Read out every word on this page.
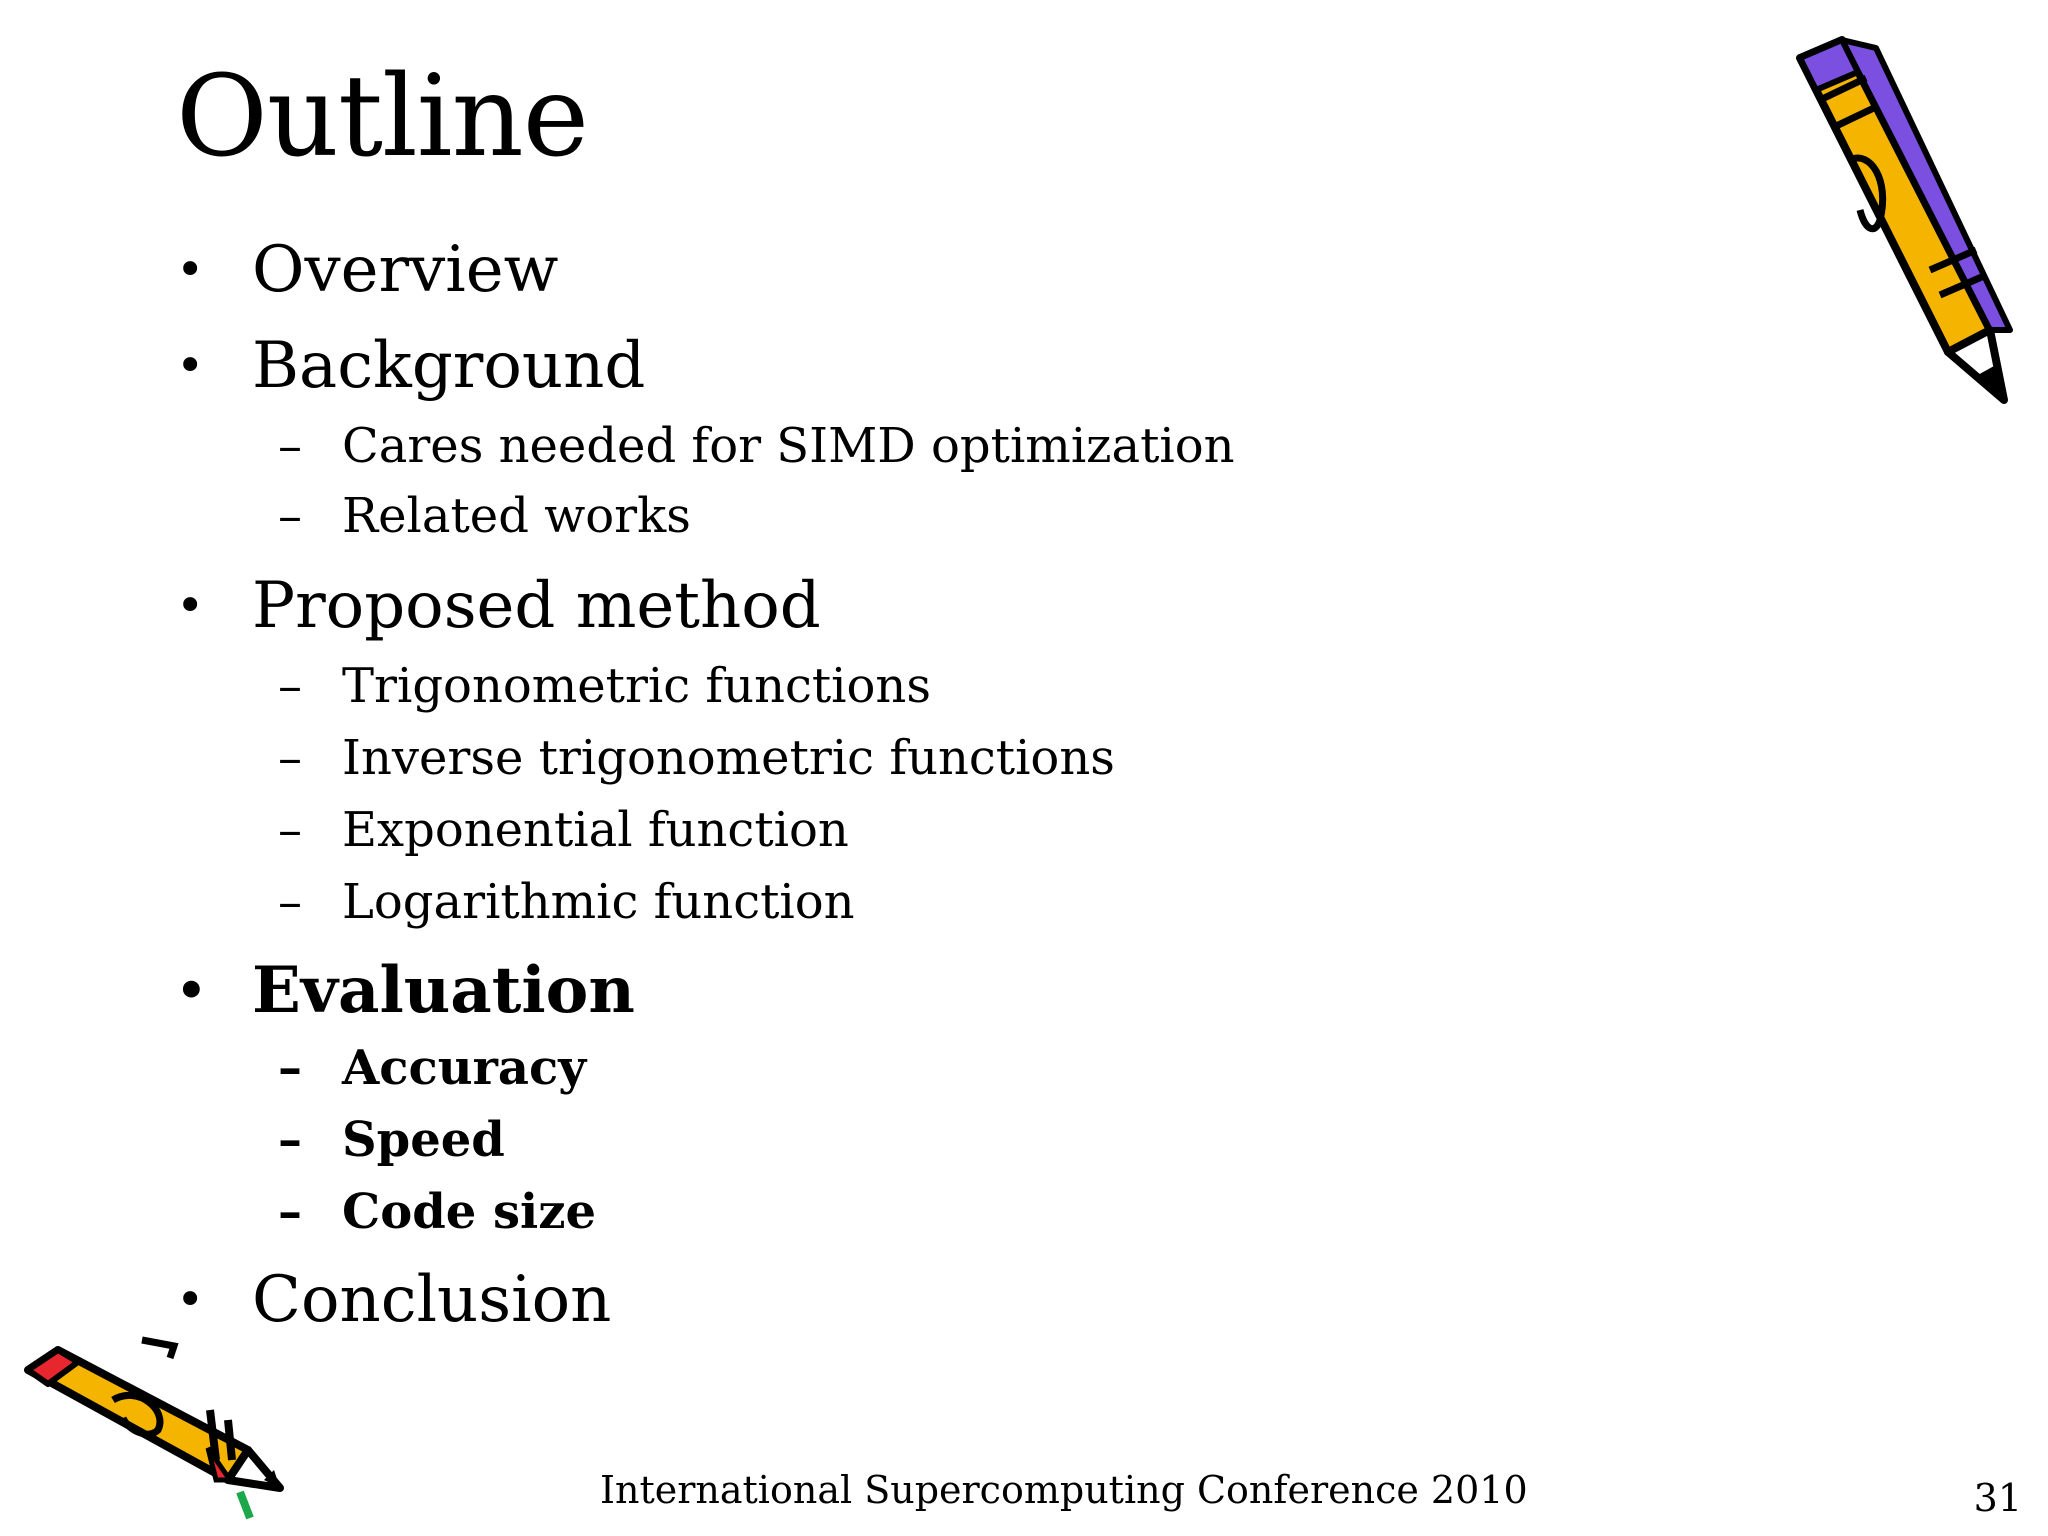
Outline
• Overview
• Background
– Cares needed for SIMD optimization
– Related works
• Proposed method
– Trigonometric functions
– Inverse trigonometric functions
– Exponential function
– Logarithmic function
• Evaluation
– Accuracy
– Speed
– Code size
• Conclusion
International Supercomputing Conference 2010	31
